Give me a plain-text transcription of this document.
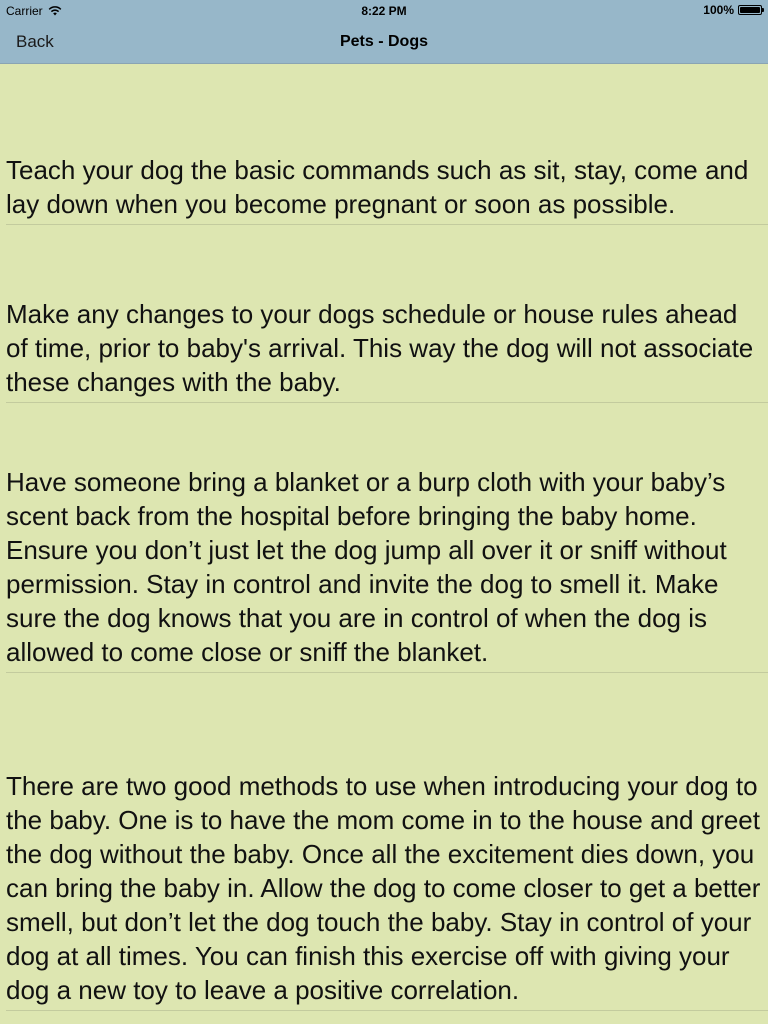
Carrier	8:22 PM	100%
Back	Pets - Dogs

Teach your dog the basic commands such as sit, stay, come and lay down when you become pregnant or soon as possible.

Make any changes to your dogs schedule or house rules ahead of time, prior to baby's arrival. This way the dog will not associate these changes with the baby.

Have someone bring a blanket or a burp cloth with your baby’s scent back from the hospital before bringing the baby home. Ensure you don’t just let the dog jump all over it or sniff without permission. Stay in control and invite the dog to smell it. Make sure the dog knows that you are in control of when the dog is allowed to come close or sniff the blanket.

There are two good methods to use when introducing your dog to the baby. One is to have the mom come in to the house and greet the dog without the baby. Once all the excitement dies down, you can bring the baby in. Allow the dog to come closer to get a better smell, but don’t let the dog touch the baby. Stay in control of your dog at all times. You can finish this exercise off with giving your dog a new toy to leave a positive correlation.
